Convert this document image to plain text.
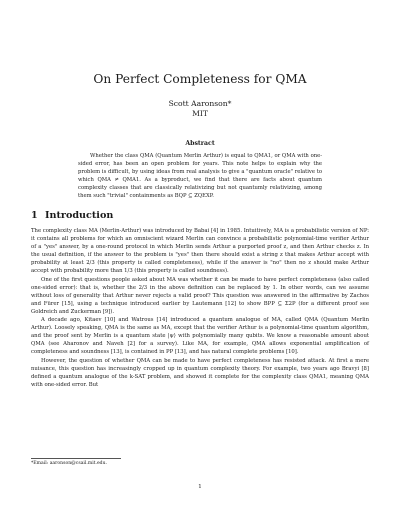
On Perfect Completeness for QMA
Scott Aaronson*
MIT
Abstract

Whether the class QMA (Quantum Merlin Arthur) is equal to QMA1, or QMA with one-sided error, has been an open problem for years. This note helps to explain why the problem is difficult, by using ideas from real analysis to give a "quantum oracle" relative to which QMA ≠ QMA1. As a byproduct, we find that there are facts about quantum complexity classes that are classically relativizing but not quantumly relativizing, among them such "trivial" containments as BQP ⊆ ZQEXP.

1 Introduction

The complexity class MA (Merlin-Arthur) was introduced by Babai [4] in 1985. Intuitively, MA is a probabilistic version of NP: it contains all problems for which an omniscient wizard Merlin can convince a probabilistic polynomial-time verifier Arthur of a "yes" answer, by a one-round protocol in which Merlin sends Arthur a purported proof z, and then Arthur checks z. In the usual definition, if the answer to the problem is "yes" then there should exist a string z that makes Arthur accept with probability at least 2/3 (this property is called completeness), while if the answer is "no" then no z should make Arthur accept with probability more than 1/3 (this property is called soundness).

One of the first questions people asked about MA was whether it can be made to have perfect completeness (also called one-sided error): that is, whether the 2/3 in the above definition can be replaced by 1. In other words, can we assume without loss of generality that Arthur never rejects a valid proof? This question was answered in the affirmative by Zachos and Fürer [15], using a technique introduced earlier by Lautemann [12] to show BPP ⊆ Σ2P (for a different proof see Goldreich and Zuckerman [9]).

A decade ago, Kitaev [10] and Watrous [14] introduced a quantum analogue of MA, called QMA (Quantum Merlin Arthur). Loosely speaking, QMA is the same as MA, except that the verifier Arthur is a polynomial-time quantum algorithm, and the proof sent by Merlin is a quantum state |ψ⟩ with polynomially many qubits. We know a reasonable amount about QMA (see Aharonov and Naveh [2] for a survey). Like MA, for example, QMA allows exponential amplification of completeness and soundness [13], is contained in PP [13], and has natural complete problems [10].

However, the question of whether QMA can be made to have perfect completeness has resisted attack. At first a mere nuisance, this question has increasingly cropped up in quantum complexity theory. For example, two years ago Bravyi [8] defined a quantum analogue of the k-SAT problem, and showed it complete for the complexity class QMA1, meaning QMA with one-sided error. But

*Email: aaronson@csail.mit.edu.
1
